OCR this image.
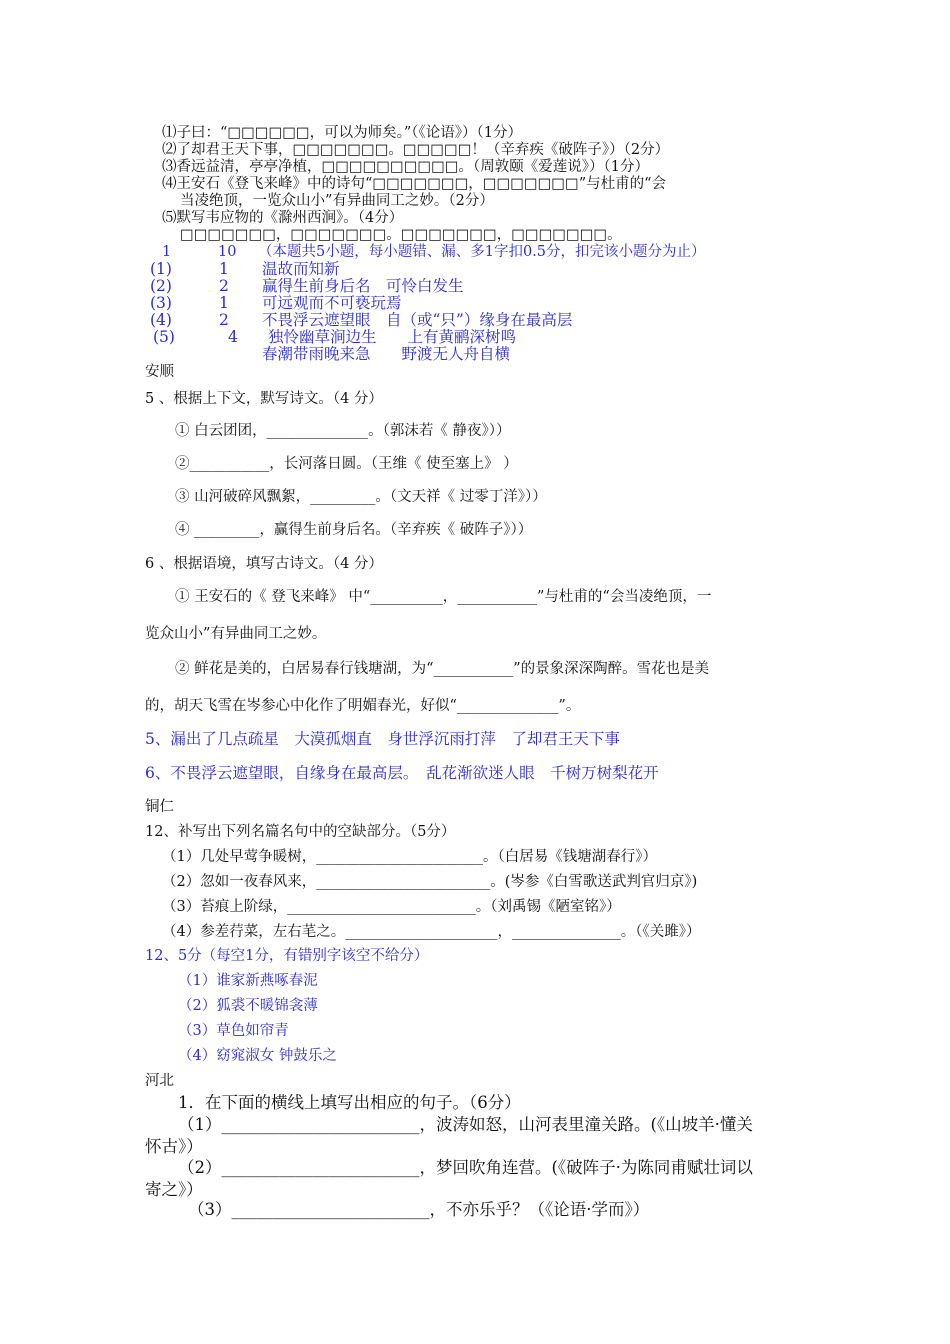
⑴子曰：“□□□□□□，可以为师矣。”（《论语》）（1分）
⑵了却君王天下事，□□□□□□□。□□□□□！（辛弃疾《破阵子》）（2分）
⑶香远益清，亭亭净植，□□□□□□□□□□。（周敦颐《爱莲说》）（1分）
⑷王安石《登飞来峰》中的诗句“□□□□□□□，□□□□□□□”与杜甫的“会
当凌绝顶，一览众山小”有异曲同工之妙。（2分）
⑸默写韦应物的《滁州西涧》。（4分）
□□□□□□□，□□□□□□□。□□□□□□□，□□□□□□□。
1	10 （本题共5小题，每小题错、漏、多1字扣0.5分，扣完该小题分为止）
(1)	1 温故而知新
(2)	2 赢得生前身后名　可怜白发生
(3)	1 可远观而不可亵玩焉
(4)	2 不畏浮云遮望眼　自（或“只”）缘身在最高层
(5)	4 独怜幽草涧边生　　上有黄鹂深树鸣
春潮带雨晚来急　　野渡无人舟自横
安顺
5 、根据上下文，默写诗文。（4 分）
① 白云团团，______________。（郭沫若《 静夜》））
②___________，长河落日圆。（王维《 使至塞上》 ）
③ 山河破碎风飘絮，_________。（文天祥《 过零丁洋》））
④ _________，赢得生前身后名。（辛弃疾《 破阵子》））
6 、根据语境，填写古诗文。（4 分）
① 王安石的《 登飞来峰》 中“__________，___________”与杜甫的“会当凌绝顶，一
览众山小”有异曲同工之妙。
② 鲜花是美的，白居易春行钱塘湖，为“___________”的景象深深陶醉。雪花也是美
的，胡天飞雪在岑参心中化作了明媚春光，好似“______________”。
5、漏出了几点疏星　大漠孤烟直　身世浮沉雨打萍　了却君王天下事
6、不畏浮云遮望眼，自缘身在最高层。　乱花渐欲迷人眼　千树万树梨花开
铜仁
12、补写出下列名篇名句中的空缺部分。（5分）
（1）几处早莺争暖树，_______________________。（白居易《钱塘湖春行》）
（2）忽如一夜春风来，________________________。(岑参《白雪歌送武判官归京》)
（3）苔痕上阶绿，__________________________。（刘禹锡《陋室铭》）
（4）参差荇菜，左右芼之。_____________________，_______________。（《关雎》）
12、5分（每空1分，有错别字该空不给分）
（1）谁家新燕啄春泥
（2）狐裘不暖锦衾薄
（3）草色如帘青
（4）窈窕淑女 钟鼓乐之
河北
1．在下面的横线上填写出相应的句子。（6分）
（1）________________________，波涛如怒，山河表里潼关路。(《山坡羊·懂关
怀古》）
（2）________________________，梦回吹角连营。(《破阵子·为陈同甫赋壮词以
寄之》）
（3）________________________，不亦乐乎？（《论语·学而》）
